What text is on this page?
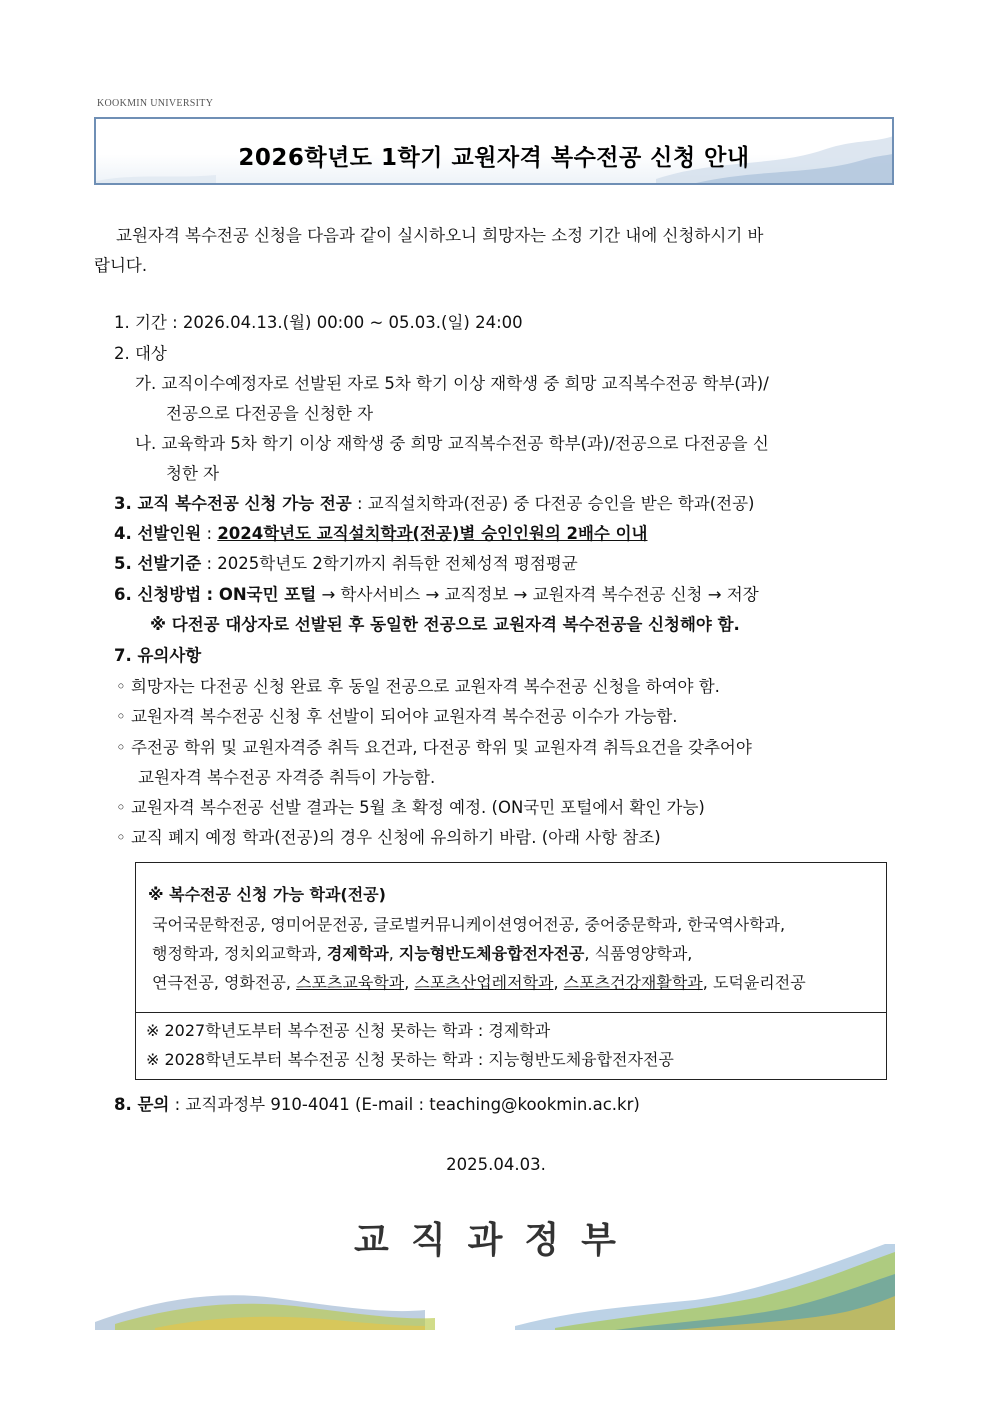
KOOKMIN UNIVERSITY
2026학년도 1학기 교원자격 복수전공 신청 안내
교원자격 복수전공 신청을 다음과 같이 실시하오니 희망자는 소정 기간 내에 신청하시기 바
랍니다.
1. 기간 : 2026.04.13.(월) 00:00 ~ 05.03.(일) 24:00
2. 대상
가. 교직이수예정자로 선발된 자로 5차 학기 이상 재학생 중 희망 교직복수전공 학부(과)/
전공으로 다전공을 신청한 자
나. 교육학과 5차 학기 이상 재학생 중 희망 교직복수전공 학부(과)/전공으로 다전공을 신
청한 자
3. 교직 복수전공 신청 가능 전공 : 교직설치학과(전공) 중 다전공 승인을 받은 학과(전공)
4. 선발인원 : 2024학년도 교직설치학과(전공)별 승인인원의 2배수 이내
5. 선발기준 : 2025학년도 2학기까지 취득한 전체성적 평점평균
6. 신청방법 : ON국민 포털 → 학사서비스 → 교직정보 → 교원자격 복수전공 신청 → 저장
※ 다전공 대상자로 선발된 후 동일한 전공으로 교원자격 복수전공을 신청해야 함.
7. 유의사항
◦ 희망자는 다전공 신청 완료 후 동일 전공으로 교원자격 복수전공 신청을 하여야 함.
◦ 교원자격 복수전공 신청 후 선발이 되어야 교원자격 복수전공 이수가 가능함.
◦ 주전공 학위 및 교원자격증 취득 요건과, 다전공 학위 및 교원자격 취득요건을 갖추어야
교원자격 복수전공 자격증 취득이 가능함.
◦ 교원자격 복수전공 선발 결과는 5월 초 확정 예정. (ON국민 포털에서 확인 가능)
◦ 교직 폐지 예정 학과(전공)의 경우 신청에 유의하기 바람. (아래 사항 참조)
※ 복수전공 신청 가능 학과(전공)
국어국문학전공, 영미어문전공, 글로벌커뮤니케이션영어전공, 중어중문학과, 한국역사학과,
행정학과, 정치외교학과, 경제학과, 지능형반도체융합전자전공, 식품영양학과,
연극전공, 영화전공, 스포츠교육학과, 스포츠산업레저학과, 스포츠건강재활학과, 도덕윤리전공
※ 2027학년도부터 복수전공 신청 못하는 학과 : 경제학과
※ 2028학년도부터 복수전공 신청 못하는 학과 : 지능형반도체융합전자전공
8. 문의 : 교직과정부 910-4041 (E-mail : teaching@kookmin.ac.kr)
2025.04.03.
교직과정부
